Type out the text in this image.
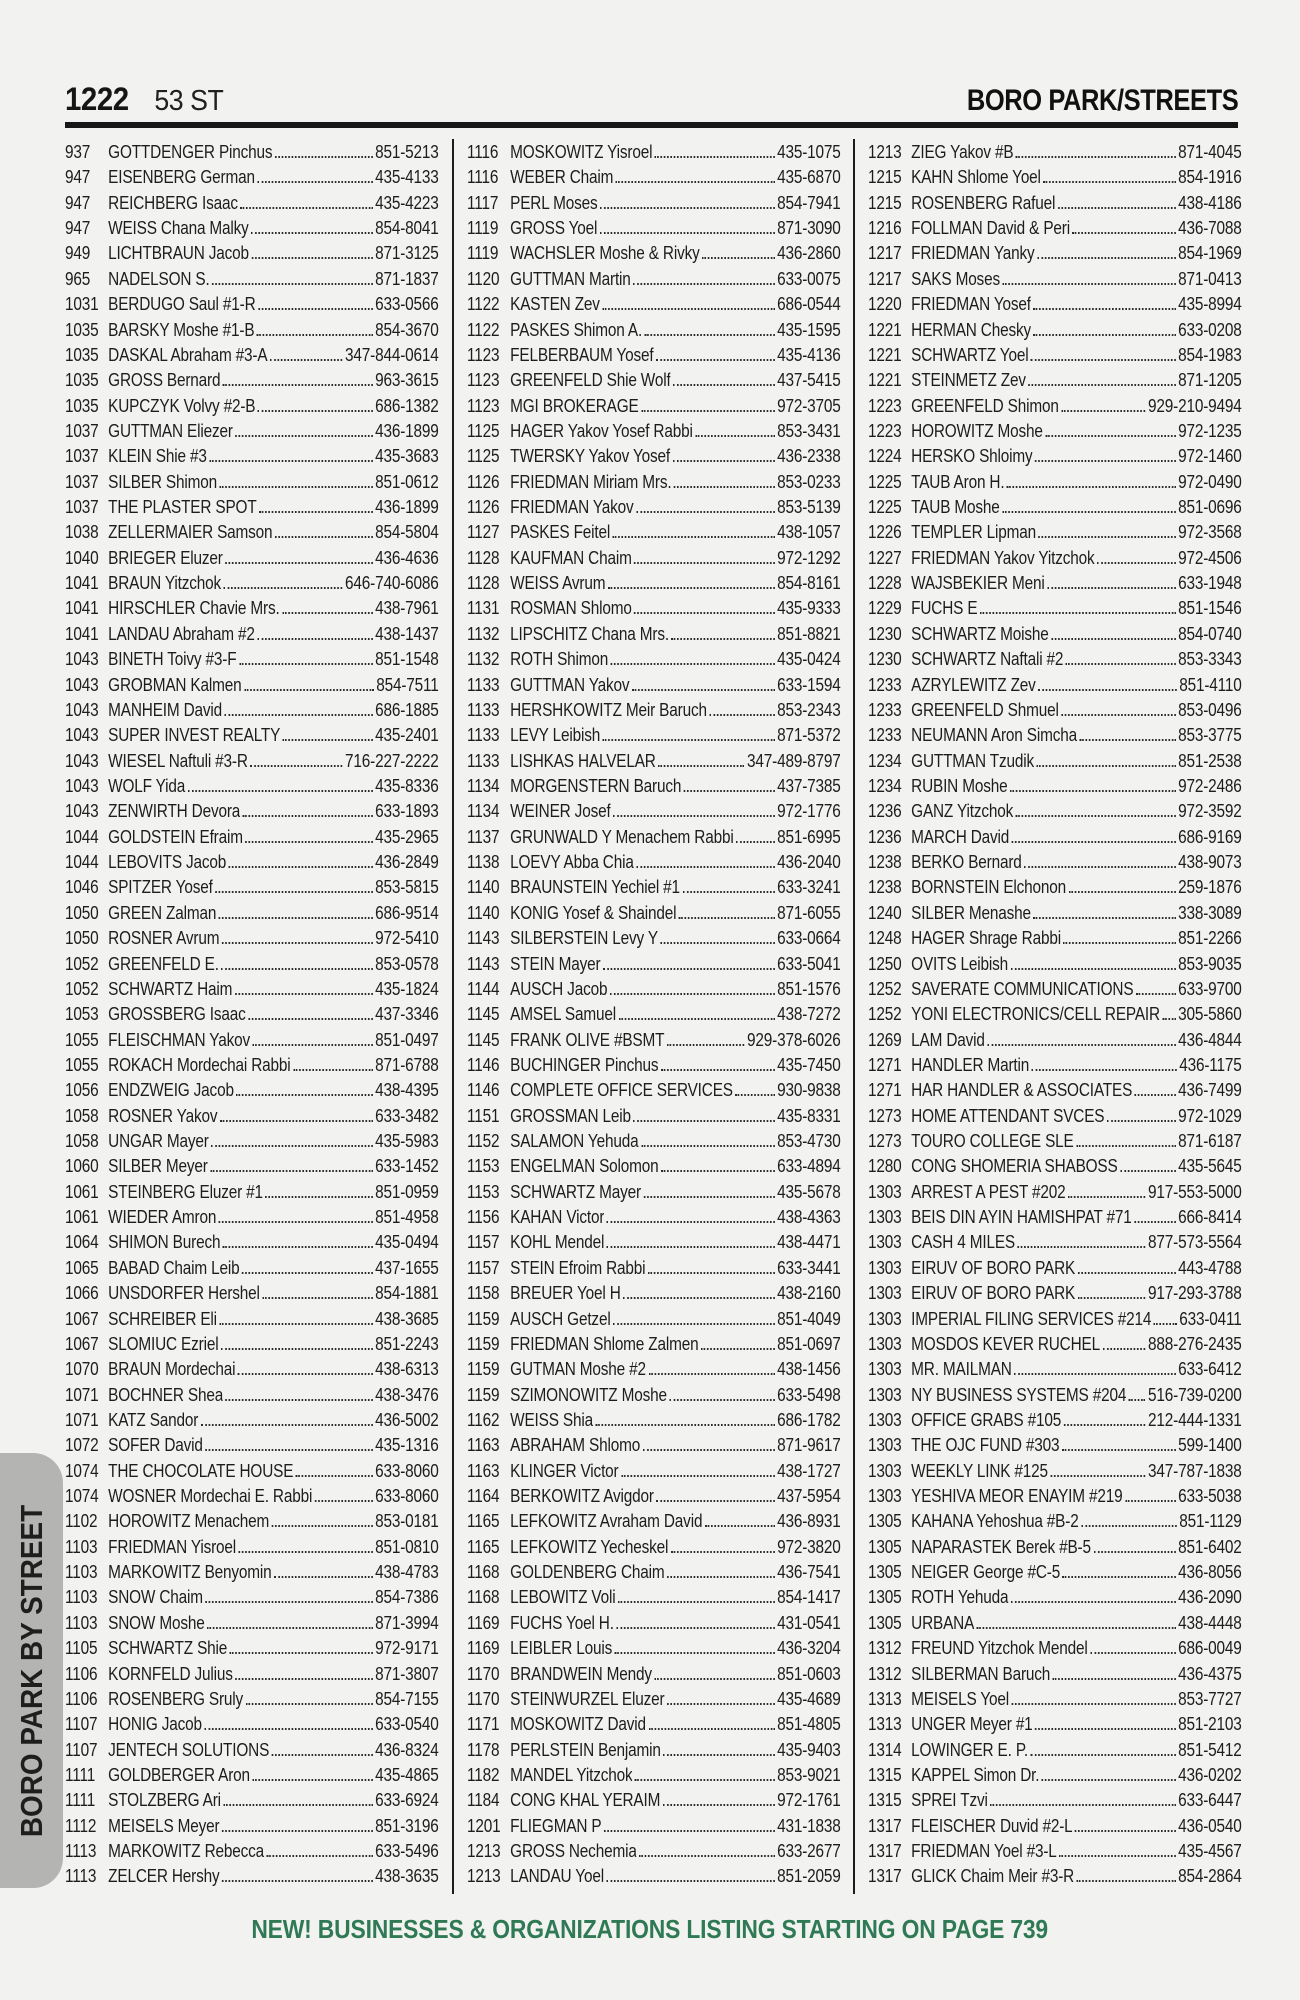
1222 53 ST	BORO PARK/STREETS
937 GOTTDENGER Pinchus	851-5213
947 EISENBERG German	435-4133
947 REICHBERG Isaac	435-4223
947 WEISS Chana Malky	854-8041
949 LICHTBRAUN Jacob	871-3125
965 NADELSON S.	871-1837
1031 BERDUGO Saul #1-R	633-0566
1035 BARSKY Moshe #1-B	854-3670
1035 DASKAL Abraham #3-A	347-844-0614
1035 GROSS Bernard	963-3615
1035 KUPCZYK Volvy #2-B	686-1382
1037 GUTTMAN Eliezer	436-1899
1037 KLEIN Shie #3	435-3683
1037 SILBER Shimon	851-0612
1037 THE PLASTER SPOT	436-1899
1038 ZELLERMAIER Samson	854-5804
1040 BRIEGER Eluzer	436-4636
1041 BRAUN Yitzchok	646-740-6086
1041 HIRSCHLER Chavie Mrs.	438-7961
1041 LANDAU Abraham #2	438-1437
1043 BINETH Toivy #3-F	851-1548
1043 GROBMAN Kalmen	854-7511
1043 MANHEIM David	686-1885
1043 SUPER INVEST REALTY	435-2401
1043 WIESEL Naftuli #3-R	716-227-2222
1043 WOLF Yida	435-8336
1043 ZENWIRTH Devora	633-1893
1044 GOLDSTEIN Efraim	435-2965
1044 LEBOVITS Jacob	436-2849
1046 SPITZER Yosef	853-5815
1050 GREEN Zalman	686-9514
1050 ROSNER Avrum	972-5410
1052 GREENFELD E.	853-0578
1052 SCHWARTZ Haim	435-1824
1053 GROSSBERG Isaac	437-3346
1055 FLEISCHMAN Yakov	851-0497
1055 ROKACH Mordechai Rabbi	871-6788
1056 ENDZWEIG Jacob	438-4395
1058 ROSNER Yakov	633-3482
1058 UNGAR Mayer	435-5983
1060 SILBER Meyer	633-1452
1061 STEINBERG Eluzer #1	851-0959
1061 WIEDER Amron	851-4958
1064 SHIMON Burech	435-0494
1065 BABAD Chaim Leib	437-1655
1066 UNSDORFER Hershel	854-1881
1067 SCHREIBER Eli	438-3685
1067 SLOMIUC Ezriel	851-2243
1070 BRAUN Mordechai	438-6313
1071 BOCHNER Shea	438-3476
1071 KATZ Sandor	436-5002
1072 SOFER David	435-1316
1074 THE CHOCOLATE HOUSE	633-8060
1074 WOSNER Mordechai E. Rabbi	633-8060
1102 HOROWITZ Menachem	853-0181
1103 FRIEDMAN Yisroel	851-0810
1103 MARKOWITZ Benyomin	438-4783
1103 SNOW Chaim	854-7386
1103 SNOW Moshe	871-3994
1105 SCHWARTZ Shie	972-9171
1106 KORNFELD Julius	871-3807
1106 ROSENBERG Sruly	854-7155
1107 HONIG Jacob	633-0540
1107 JENTECH SOLUTIONS	436-8324
1111 GOLDBERGER Aron	435-4865
1111 STOLZBERG Ari	633-6924
1112 MEISELS Meyer	851-3196
1113 MARKOWITZ Rebecca	633-5496
1113 ZELCER Hershy	438-3635
1116 MOSKOWITZ Yisroel	435-1075
1116 WEBER Chaim	435-6870
1117 PERL Moses	854-7941
1119 GROSS Yoel	871-3090
1119 WACHSLER Moshe & Rivky	436-2860
1120 GUTTMAN Martin	633-0075
1122 KASTEN Zev	686-0544
1122 PASKES Shimon A.	435-1595
1123 FELBERBAUM Yosef	435-4136
1123 GREENFELD Shie Wolf	437-5415
1123 MGI BROKERAGE	972-3705
1125 HAGER Yakov Yosef Rabbi	853-3431
1125 TWERSKY Yakov Yosef	436-2338
1126 FRIEDMAN Miriam Mrs.	853-0233
1126 FRIEDMAN Yakov	853-5139
1127 PASKES Feitel	438-1057
1128 KAUFMAN Chaim	972-1292
1128 WEISS Avrum	854-8161
1131 ROSMAN Shlomo	435-9333
1132 LIPSCHITZ Chana Mrs.	851-8821
1132 ROTH Shimon	435-0424
1133 GUTTMAN Yakov	633-1594
1133 HERSHKOWITZ Meir Baruch	853-2343
1133 LEVY Leibish	871-5372
1133 LISHKAS HALVELAR	347-489-8797
1134 MORGENSTERN Baruch	437-7385
1134 WEINER Josef	972-1776
1137 GRUNWALD Y Menachem Rabbi 851-6995
1138 LOEVY Abba Chia	436-2040
1140 BRAUNSTEIN Yechiel #1	633-3241
1140 KONIG Yosef & Shaindel	871-6055
1143 SILBERSTEIN Levy Y	633-0664
1143 STEIN Mayer	633-5041
1144 AUSCH Jacob	851-1576
1145 AMSEL Samuel	438-7272
1145 FRANK OLIVE #BSMT	929-378-6026
1146 BUCHINGER Pinchus	435-7450
1146 COMPLETE OFFICE SERVICES 930-9838
1151 GROSSMAN Leib	435-8331
1152 SALAMON Yehuda	853-4730
1153 ENGELMAN Solomon	633-4894
1153 SCHWARTZ Mayer	435-5678
1156 KAHAN Victor	438-4363
1157 KOHL Mendel	438-4471
1157 STEIN Efroim Rabbi	633-3441
1158 BREUER Yoel H	438-2160
1159 AUSCH Getzel	851-4049
1159 FRIEDMAN Shlome Zalmen	851-0697
1159 GUTMAN Moshe #2	438-1456
1159 SZIMONOWITZ Moshe	633-5498
1162 WEISS Shia	686-1782
1163 ABRAHAM Shlomo	871-9617
1163 KLINGER Victor	438-1727
1164 BERKOWITZ Avigdor	437-5954
1165 LEFKOWITZ Avraham David	436-8931
1165 LEFKOWITZ Yecheskel	972-3820
1168 GOLDENBERG Chaim	436-7541
1168 LEBOWITZ Voli	854-1417
1169 FUCHS Yoel H.	431-0541
1169 LEIBLER Louis	436-3204
1170 BRANDWEIN Mendy	851-0603
1170 STEINWURZEL Eluzer	435-4689
1171 MOSKOWITZ David	851-4805
1178 PERLSTEIN Benjamin	435-9403
1182 MANDEL Yitzchok	853-9021
1184 CONG KHAL YERAIM	972-1761
1201 FLIEGMAN P	431-1838
1213 GROSS Nechemia	633-2677
1213 LANDAU Yoel	851-2059
1213 ZIEG Yakov #B	871-4045
1215 KAHN Shlome Yoel	854-1916
1215 ROSENBERG Rafuel	438-4186
1216 FOLLMAN David & Peri	436-7088
1217 FRIEDMAN Yanky	854-1969
1217 SAKS Moses	871-0413
1220 FRIEDMAN Yosef	435-8994
1221 HERMAN Chesky	633-0208
1221 SCHWARTZ Yoel	854-1983
1221 STEINMETZ Zev	871-1205
1223 GREENFELD Shimon	929-210-9494
1223 HOROWITZ Moshe	972-1235
1224 HERSKO Shloimy	972-1460
1225 TAUB Aron H.	972-0490
1225 TAUB Moshe	851-0696
1226 TEMPLER Lipman	972-3568
1227 FRIEDMAN Yakov Yitzchok	972-4506
1228 WAJSBEKIER Meni	633-1948
1229 FUCHS E	851-1546
1230 SCHWARTZ Moishe	854-0740
1230 SCHWARTZ Naftali #2	853-3343
1233 AZRYLEWITZ Zev	851-4110
1233 GREENFELD Shmuel	853-0496
1233 NEUMANN Aron Simcha	853-3775
1234 GUTTMAN Tzudik	851-2538
1234 RUBIN Moshe	972-2486
1236 GANZ Yitzchok	972-3592
1236 MARCH David	686-9169
1238 BERKO Bernard	438-9073
1238 BORNSTEIN Elchonon	259-1876
1240 SILBER Menashe	338-3089
1248 HAGER Shrage Rabbi	851-2266
1250 OVITS Leibish	853-9035
1252 SAVERATE COMMUNICATIONS 633-9700
1252 YONI ELECTRONICS/CELL REPAIR 305-5860
1269 LAM David	436-4844
1271 HANDLER Martin	436-1175
1271 HAR HANDLER & ASSOCIATES 436-7499
1273 HOME ATTENDANT SVCES	972-1029
1273 TOURO COLLEGE SLE	871-6187
1280 CONG SHOMERIA SHABOSS	435-5645
1303 ARREST A PEST #202	917-553-5000
1303 BEIS DIN AYIN HAMISHPAT #71	666-8414
1303 CASH 4 MILES	877-573-5564
1303 EIRUV OF BORO PARK	443-4788
1303 EIRUV OF BORO PARK	917-293-3788
1303 IMPERIAL FILING SERVICES #214 633-0411
1303 MOSDOS KEVER RUCHEL	888-276-2435
1303 MR. MAILMAN	633-6412
1303 NY BUSINESS SYSTEMS #204 516-739-0200
1303 OFFICE GRABS #105	212-444-1331
1303 THE OJC FUND #303	599-1400
1303 WEEKLY LINK #125	347-787-1838
1303 YESHIVA MEOR ENAYIM #219	633-5038
1305 KAHANA Yehoshua #B-2	851-1129
1305 NAPARASTEK Berek #B-5	851-6402
1305 NEIGER George #C-5	436-8056
1305 ROTH Yehuda	436-2090
1305 URBANA	438-4448
1312 FREUND Yitzchok Mendel	686-0049
1312 SILBERMAN Baruch	436-4375
1313 MEISELS Yoel	853-7727
1313 UNGER Meyer #1	851-2103
1314 LOWINGER E. P.	851-5412
1315 KAPPEL Simon Dr.	436-0202
1315 SPREI Tzvi	633-6447
1317 FLEISCHER Duvid #2-L	436-0540
1317 FRIEDMAN Yoel #3-L	435-4567
1317 GLICK Chaim Meir #3-R	854-2864
BORO PARK BY STREET
NEW! BUSINESSES & ORGANIZATIONS LISTING STARTING ON PAGE 739
